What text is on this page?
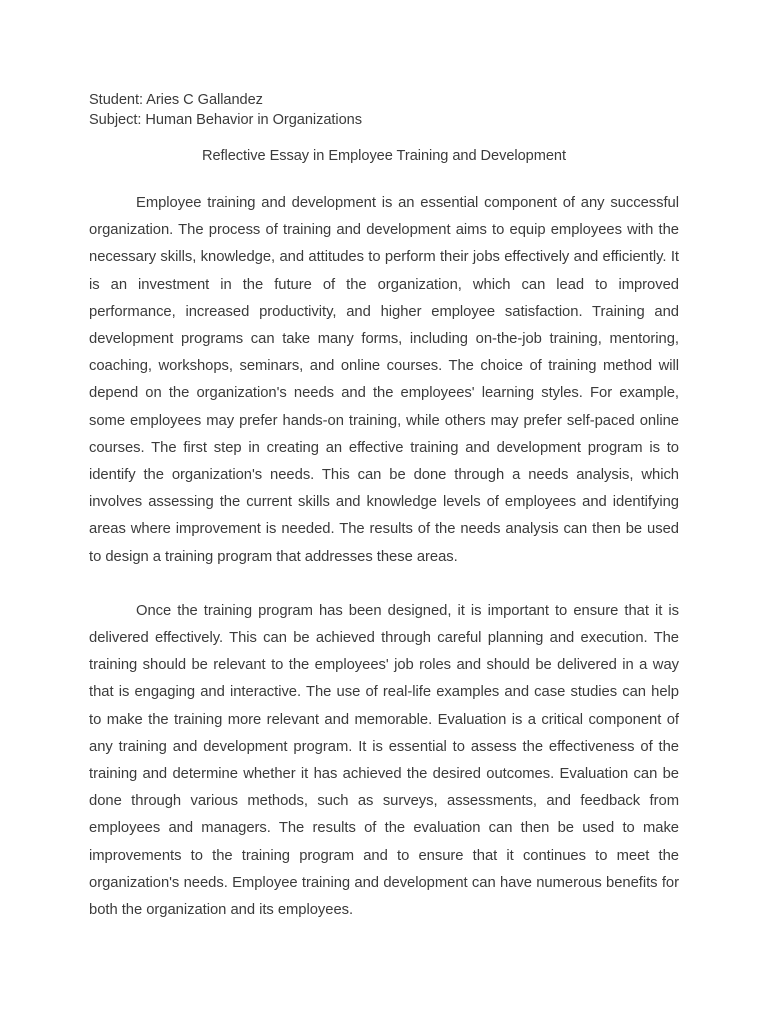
Student: Aries C Gallandez
Subject: Human Behavior in Organizations
Reflective Essay in Employee Training and Development

Employee training and development is an essential component of any successful organization. The process of training and development aims to equip employees with the necessary skills, knowledge, and attitudes to perform their jobs effectively and efficiently. It is an investment in the future of the organization, which can lead to improved performance, increased productivity, and higher employee satisfaction. Training and development programs can take many forms, including on-the-job training, mentoring, coaching, workshops, seminars, and online courses. The choice of training method will depend on the organization's needs and the employees' learning styles. For example, some employees may prefer hands-on training, while others may prefer self-paced online courses. The first step in creating an effective training and development program is to identify the organization's needs. This can be done through a needs analysis, which involves assessing the current skills and knowledge levels of employees and identifying areas where improvement is needed. The results of the needs analysis can then be used to design a training program that addresses these areas.

Once the training program has been designed, it is important to ensure that it is delivered effectively. This can be achieved through careful planning and execution. The training should be relevant to the employees' job roles and should be delivered in a way that is engaging and interactive. The use of real-life examples and case studies can help to make the training more relevant and memorable. Evaluation is a critical component of any training and development program. It is essential to assess the effectiveness of the training and determine whether it has achieved the desired outcomes. Evaluation can be done through various methods, such as surveys, assessments, and feedback from employees and managers. The results of the evaluation can then be used to make improvements to the training program and to ensure that it continues to meet the organization's needs. Employee training and development can have numerous benefits for both the organization and its employees.
